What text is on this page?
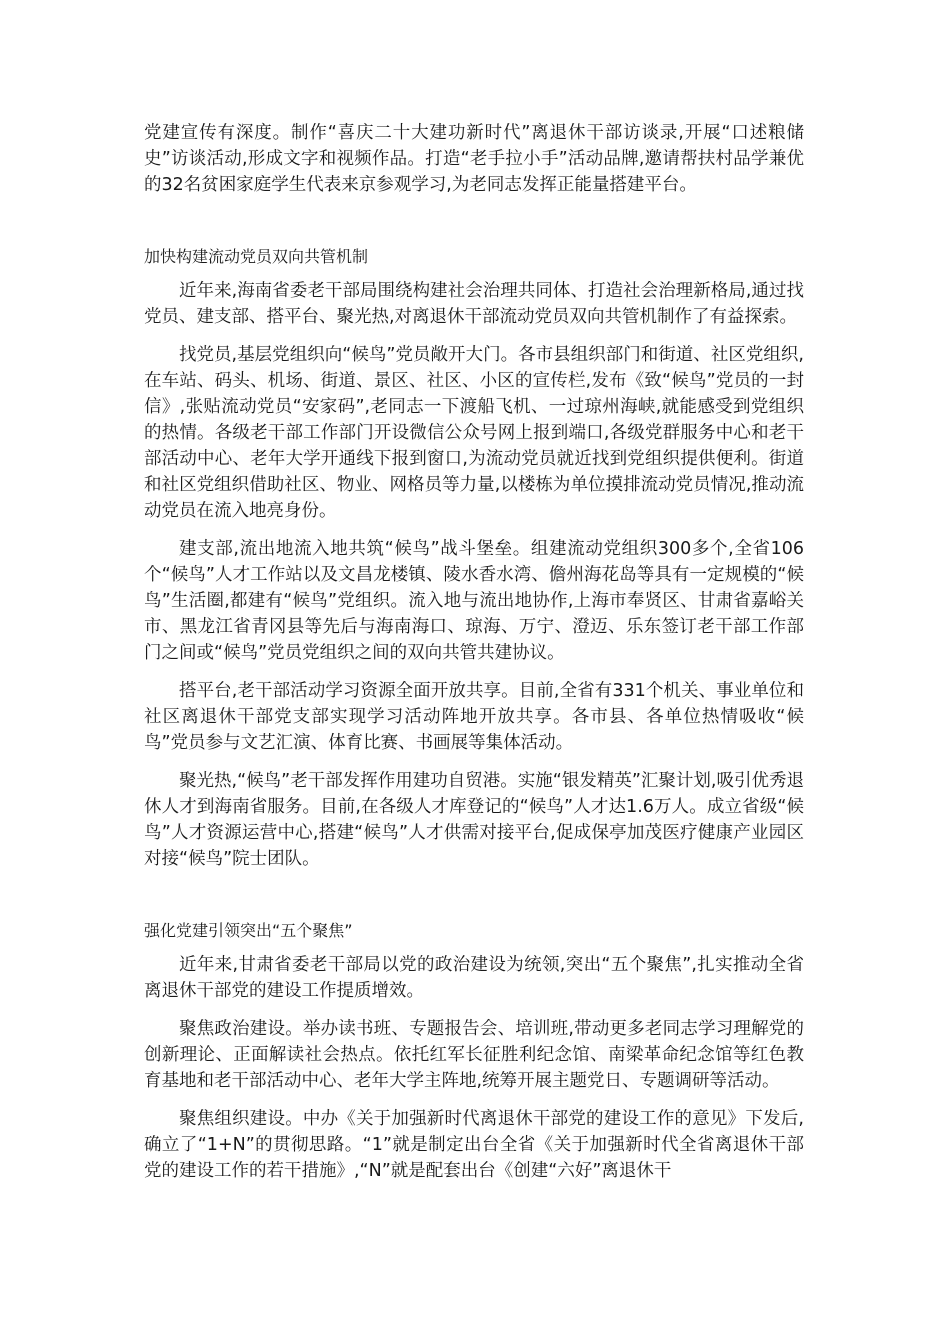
党建宣传有深度。制作“喜庆二十大建功新时代”离退休干部访谈录,开展“口述粮储史”访谈活动,形成文字和视频作品。打造“老手拉小手”活动品牌,邀请帮扶村品学兼优的32名贫困家庭学生代表来京参观学习,为老同志发挥正能量搭建平台。

加快构建流动党员双向共管机制

近年来,海南省委老干部局围绕构建社会治理共同体、打造社会治理新格局,通过找党员、建支部、搭平台、聚光热,对离退休干部流动党员双向共管机制作了有益探索。

找党员,基层党组织向“候鸟”党员敞开大门。各市县组织部门和街道、社区党组织,在车站、码头、机场、街道、景区、社区、小区的宣传栏,发布《致“候鸟”党员的一封信》,张贴流动党员“安家码”,老同志一下渡船飞机、一过琼州海峡,就能感受到党组织的热情。各级老干部工作部门开设微信公众号网上报到端口,各级党群服务中心和老干部活动中心、老年大学开通线下报到窗口,为流动党员就近找到党组织提供便利。街道和社区党组织借助社区、物业、网格员等力量,以楼栋为单位摸排流动党员情况,推动流动党员在流入地亮身份。

建支部,流出地流入地共筑“候鸟”战斗堡垒。组建流动党组织300多个,全省106个“候鸟”人才工作站以及文昌龙楼镇、陵水香水湾、儋州海花岛等具有一定规模的“候鸟”生活圈,都建有“候鸟”党组织。流入地与流出地协作,上海市奉贤区、甘肃省嘉峪关市、黑龙江省青冈县等先后与海南海口、琼海、万宁、澄迈、乐东签订老干部工作部门之间或“候鸟”党员党组织之间的双向共管共建协议。

搭平台,老干部活动学习资源全面开放共享。目前,全省有331个机关、事业单位和社区离退休干部党支部实现学习活动阵地开放共享。各市县、各单位热情吸收“候鸟”党员参与文艺汇演、体育比赛、书画展等集体活动。

聚光热,“候鸟”老干部发挥作用建功自贸港。实施“银发精英”汇聚计划,吸引优秀退休人才到海南省服务。目前,在各级人才库登记的“候鸟”人才达1.6万人。成立省级“候鸟”人才资源运营中心,搭建“候鸟”人才供需对接平台,促成保亭加茂医疗健康产业园区对接“候鸟”院士团队。

强化党建引领突出“五个聚焦”

近年来,甘肃省委老干部局以党的政治建设为统领,突出“五个聚焦”,扎实推动全省离退休干部党的建设工作提质增效。

聚焦政治建设。举办读书班、专题报告会、培训班,带动更多老同志学习理解党的创新理论、正面解读社会热点。依托红军长征胜利纪念馆、南梁革命纪念馆等红色教育基地和老干部活动中心、老年大学主阵地,统筹开展主题党日、专题调研等活动。

聚焦组织建设。中办《关于加强新时代离退休干部党的建设工作的意见》下发后,确立了“1+N”的贯彻思路。“1”就是制定出台全省《关于加强新时代全省离退休干部党的建设工作的若干措施》,“N”就是配套出台《创建“六好”离退休干
